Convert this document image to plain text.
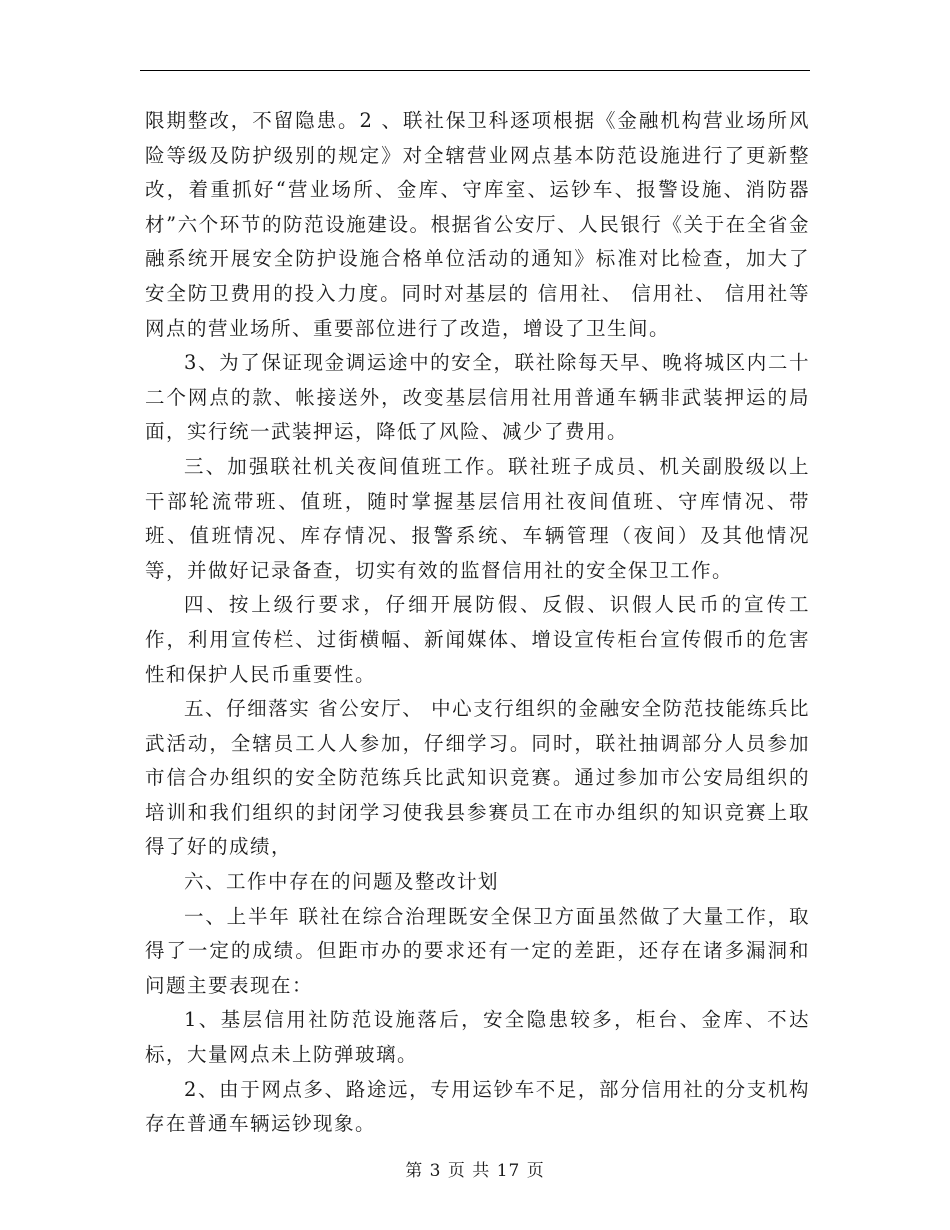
限期整改，不留隐患。2 、联社保卫科逐项根据《金融机构营业场所风险等级及防护级别的规定》对全辖营业网点基本防范设施进行了更新整改，着重抓好“营业场所、金库、守库室、运钞车、报警设施、消防器材”六个环节的防范设施建设。根据省公安厅、人民银行《关于在全省金融系统开展安全防护设施合格单位活动的通知》标准对比检查，加大了安全防卫费用的投入力度。同时对基层的 信用社、 信用社、 信用社等网点的营业场所、重要部位进行了改造，增设了卫生间。

3、为了保证现金调运途中的安全，联社除每天早、晚将城区内二十二个网点的款、帐接送外，改变基层信用社用普通车辆非武装押运的局面，实行统一武装押运，降低了风险、减少了费用。

三、加强联社机关夜间值班工作。联社班子成员、机关副股级以上干部轮流带班、值班，随时掌握基层信用社夜间值班、守库情况、带班、值班情况、库存情况、报警系统、车辆管理（夜间）及其他情况等，并做好记录备查，切实有效的监督信用社的安全保卫工作。

四、按上级行要求，仔细开展防假、反假、识假人民币的宣传工作，利用宣传栏、过街横幅、新闻媒体、增设宣传柜台宣传假币的危害性和保护人民币重要性。

五、仔细落实 省公安厅、 中心支行组织的金融安全防范技能练兵比武活动，全辖员工人人参加，仔细学习。同时，联社抽调部分人员参加市信合办组织的安全防范练兵比武知识竞赛。通过参加市公安局组织的培训和我们组织的封闭学习使我县参赛员工在市办组织的知识竞赛上取得了好的成绩，

六、工作中存在的问题及整改计划

一、上半年 联社在综合治理既安全保卫方面虽然做了大量工作，取得了一定的成绩。但距市办的要求还有一定的差距，还存在诸多漏洞和问题主要表现在：

1、基层信用社防范设施落后，安全隐患较多，柜台、金库、不达标，大量网点未上防弹玻璃。

2、由于网点多、路途远，专用运钞车不足，部分信用社的分支机构存在普通车辆运钞现象。

第 3 页 共 17 页
